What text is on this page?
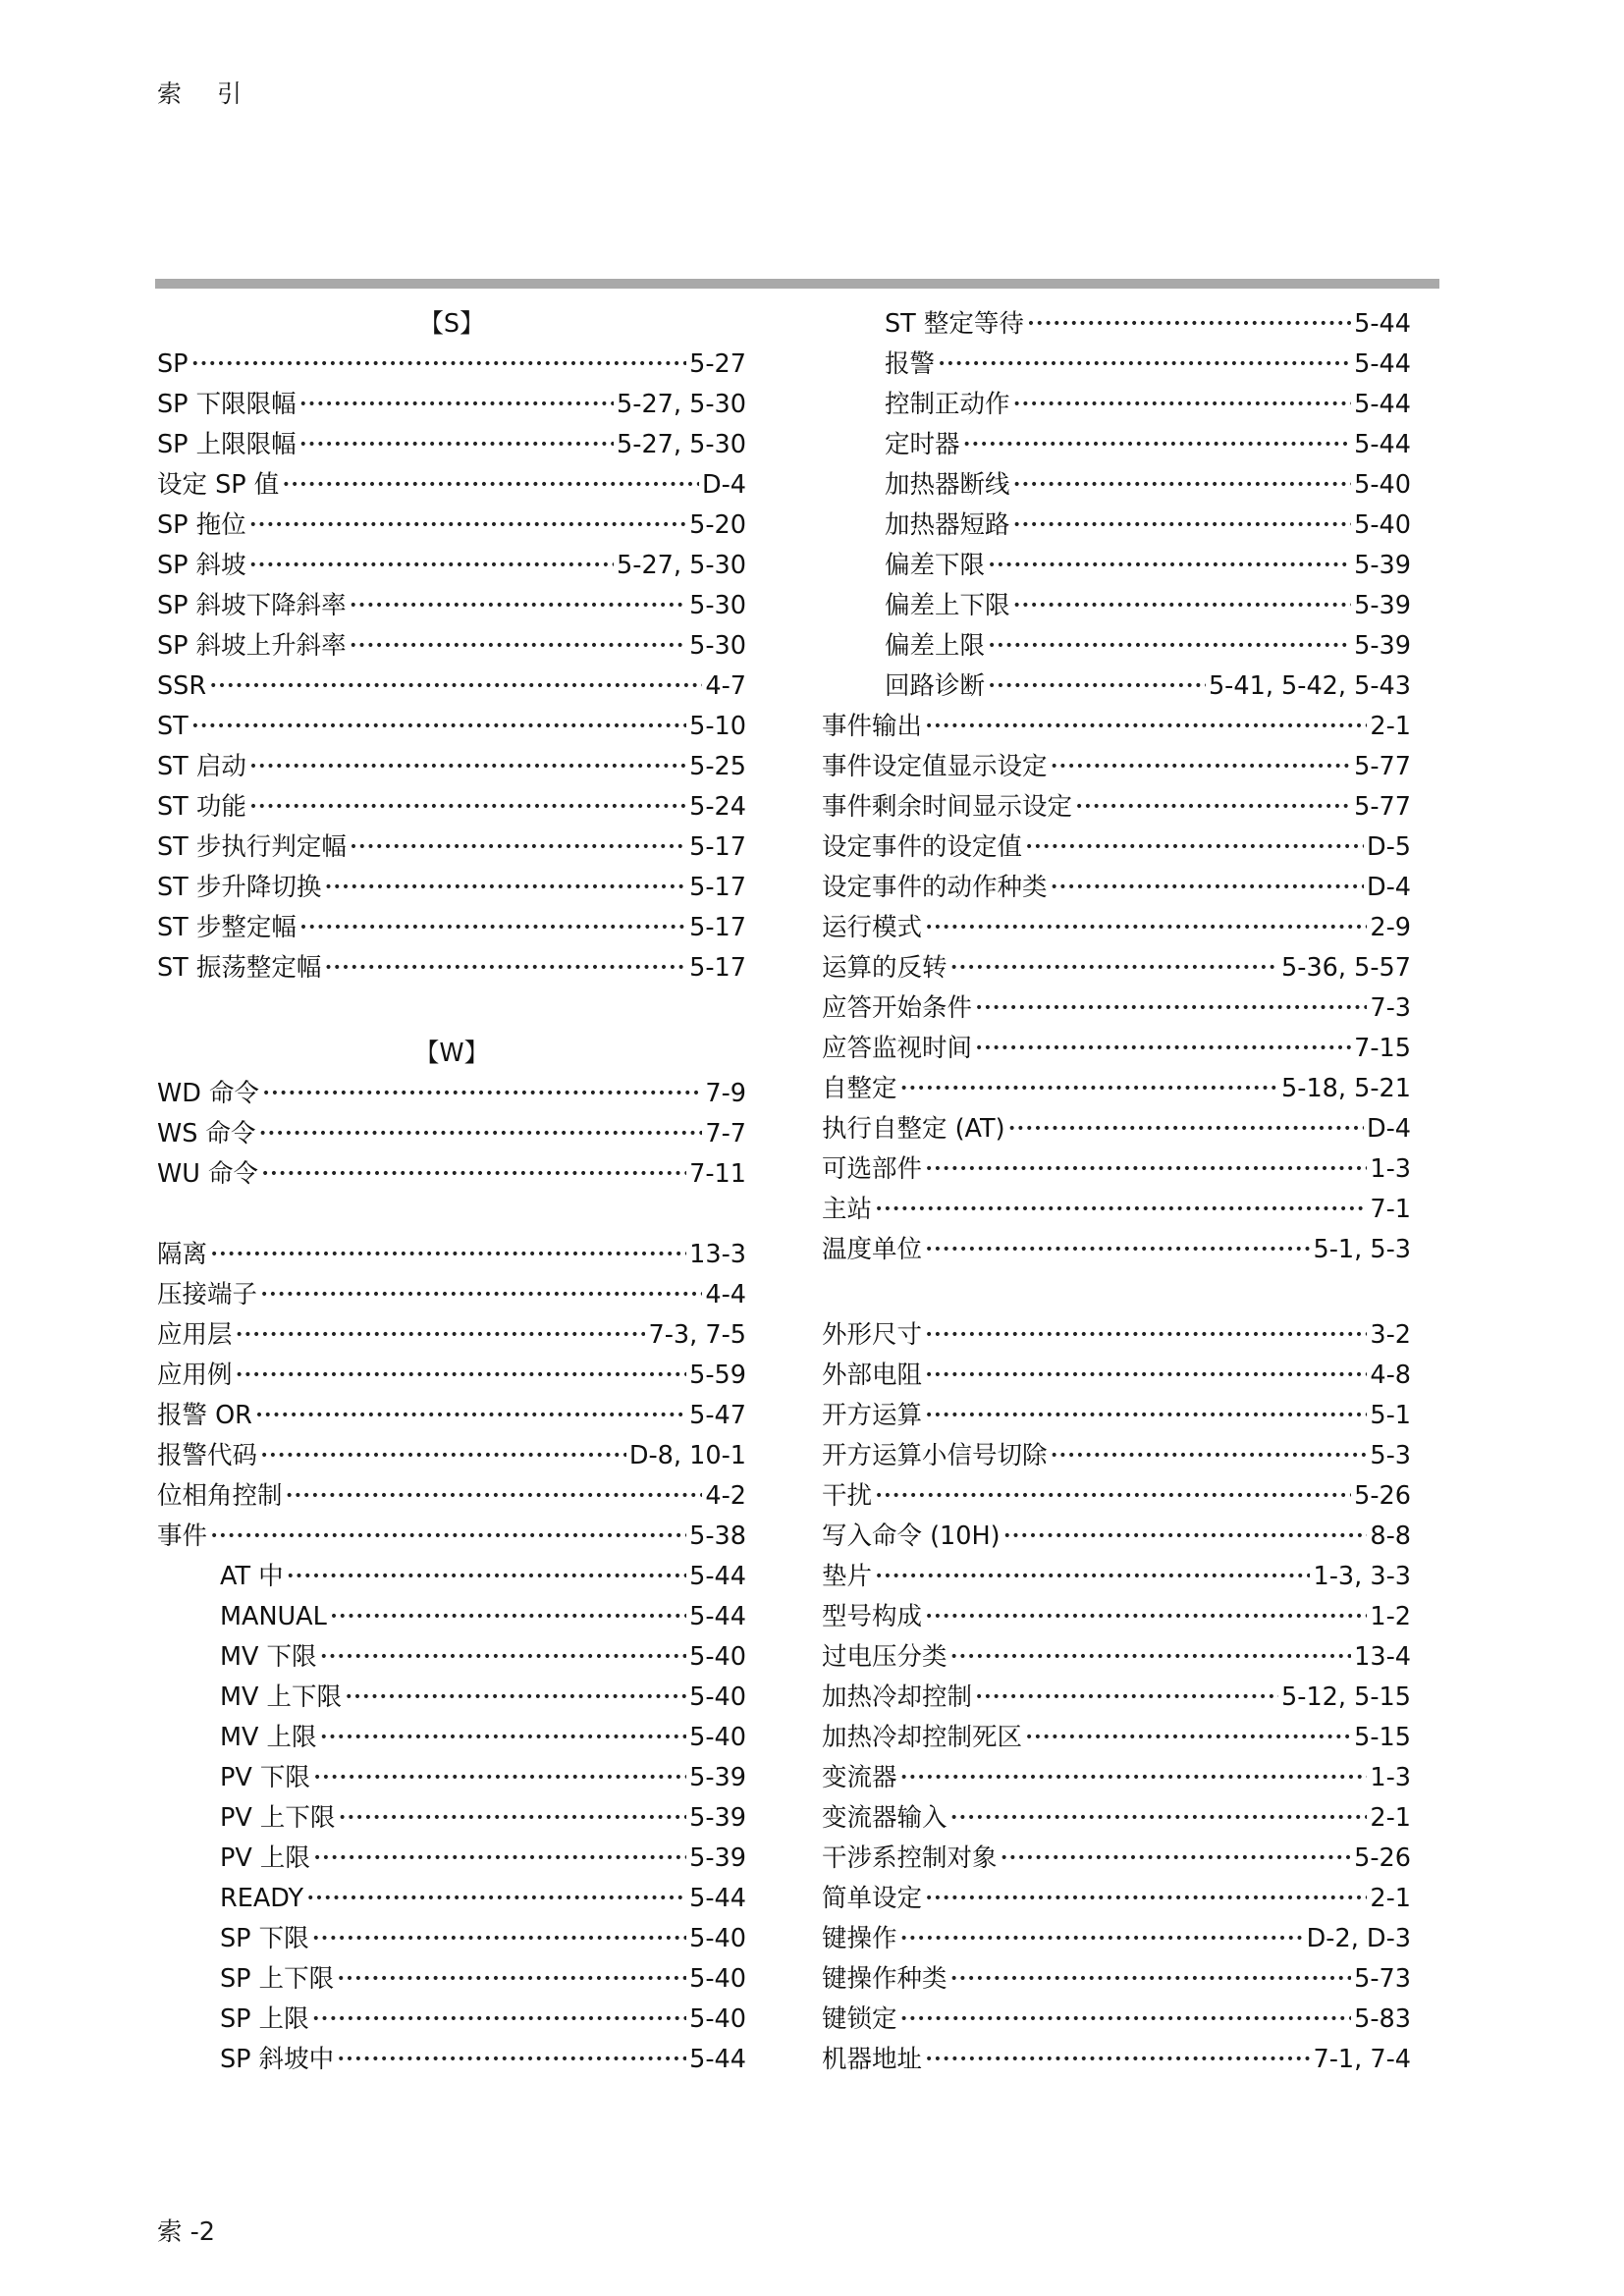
索 引
【S】
SP •••••	5-27
SP 下限限幅 •••••	5-27, 5-30
SP 上限限幅 •••••	5-27, 5-30
设定 SP 值 •••••	D-4
SP 拖位 •••••	5-20
SP 斜坡 •••••	5-27, 5-30
SP 斜坡下降斜率 •••••	5-30
SP 斜坡上升斜率 •••••	5-30
SSR •••••	4-7
ST •••••	5-10
ST 启动 •••••	5-25
ST 功能 •••••	5-24
ST 步执行判定幅 •••••	5-17
ST 步升降切换 •••••	5-17
ST 步整定幅 •••••	5-17
ST 振荡整定幅 •••••	5-17
【W】
WD 命令 •••••	7-9
WS 命令 •••••	7-7
WU 命令 •••••	7-11
隔离 •••••	13-3
压接端子 •••••	4-4
应用层 •••••	7-3, 7-5
应用例 •••••	5-59
报警 OR •••••	5-47
报警代码 •••••	D-8, 10-1
位相角控制 •••••	4-2
事件 •••••	5-38
AT 中 •••••	5-44
MANUAL •••••	5-44
MV 下限 •••••	5-40
MV 上下限 •••••	5-40
MV 上限 •••••	5-40
PV 下限 •••••	5-39
PV 上下限 •••••	5-39
PV 上限 •••••	5-39
READY •••••	5-44
SP 下限 •••••	5-40
SP 上下限 •••••	5-40
SP 上限 •••••	5-40
SP 斜坡中 •••••	5-44
ST 整定等待 •••••	5-44
报警 •••••	5-44
控制正动作 •••••	5-44
定时器 •••••	5-44
加热器断线 •••••	5-40
加热器短路 •••••	5-40
偏差下限 •••••	5-39
偏差上下限 •••••	5-39
偏差上限 •••••	5-39
回路诊断 •••••	5-41, 5-42, 5-43
事件输出 •••••	2-1
事件设定值显示设定 •••••	5-77
事件剩余时间显示设定 •••••	5-77
设定事件的设定值 •••••	D-5
设定事件的动作种类 •••••	D-4
运行模式 •••••	2-9
运算的反转 •••••	5-36, 5-57
应答开始条件 •••••	7-3
应答监视时间 •••••	7-15
自整定 •••••	5-18, 5-21
执行自整定 (AT) •••••	D-4
可选部件 •••••	1-3
主站 •••••	7-1
温度单位 •••••	5-1, 5-3
外形尺寸 •••••	3-2
外部电阻 •••••	4-8
开方运算 •••••	5-1
开方运算小信号切除 •••••	5-3
干扰 •••••	5-26
写入命令 (10H) •••••	8-8
垫片 •••••	1-3, 3-3
型号构成 •••••	1-2
过电压分类 •••••	13-4
加热冷却控制 •••••	5-12, 5-15
加热冷却控制死区 •••••	5-15
变流器 •••••	1-3
变流器输入 •••••	2-1
干涉系控制对象 •••••	5-26
简单设定 •••••	2-1
键操作 •••••	D-2, D-3
键操作种类 •••••	5-73
键锁定 •••••	5-83
机器地址 •••••	7-1, 7-4
索 -2
